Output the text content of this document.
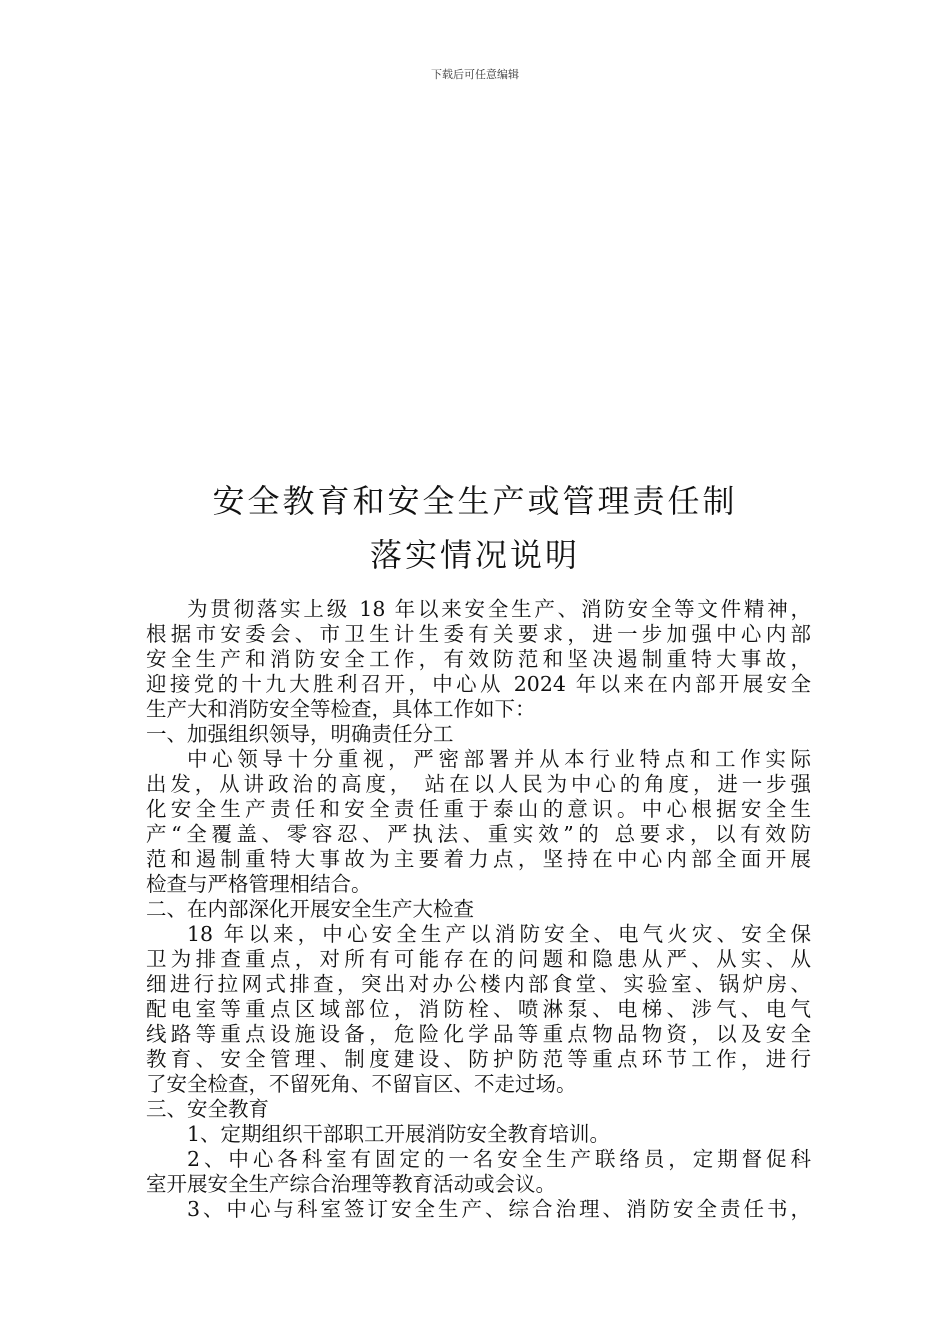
下载后可任意编辑
安全教育和安全生产或管理责任制
落实情况说明
为贯彻落实上级 18 年以来安全生产、消防安全等文件精神，
根据市安委会、市卫生计生委有关要求，进一步加强中心内部
安全生产和消防安全工作，有效防范和坚决遏制重特大事故，
迎接党的十九大胜利召开，中心从 2024 年以来在内部开展安全
生产大和消防安全等检查，具体工作如下：
一、加强组织领导，明确责任分工
中心领导十分重视，严密部署并从本行业特点和工作实际
出发，从讲政治的高度， 站在以人民为中心的角度，进一步强
化安全生产责任和安全责任重于泰山的意识。中心根据安全生
产“全覆盖、零容忍、严执法、重实效”的 总要求，以有效防
范和遏制重特大事故为主要着力点，坚持在中心内部全面开展
检查与严格管理相结合。
二、在内部深化开展安全生产大检查
18 年以来，中心安全生产以消防安全、电气火灾、安全保
卫为排查重点，对所有可能存在的问题和隐患从严、从实、从
细进行拉网式排查，突出对办公楼内部食堂、实验室、锅炉房、
配电室等重点区域部位，消防栓、喷淋泵、电梯、涉气、电气
线路等重点设施设备，危险化学品等重点物品物资，以及安全
教育、安全管理、制度建设、防护防范等重点环节工作，进行
了安全检查，不留死角、不留盲区、不走过场。
三、安全教育
1、定期组织干部职工开展消防安全教育培训。
2、中心各科室有固定的一名安全生产联络员，定期督促科
室开展安全生产综合治理等教育活动或会议。
3、中心与科室签订安全生产、综合治理、消防安全责任书，
